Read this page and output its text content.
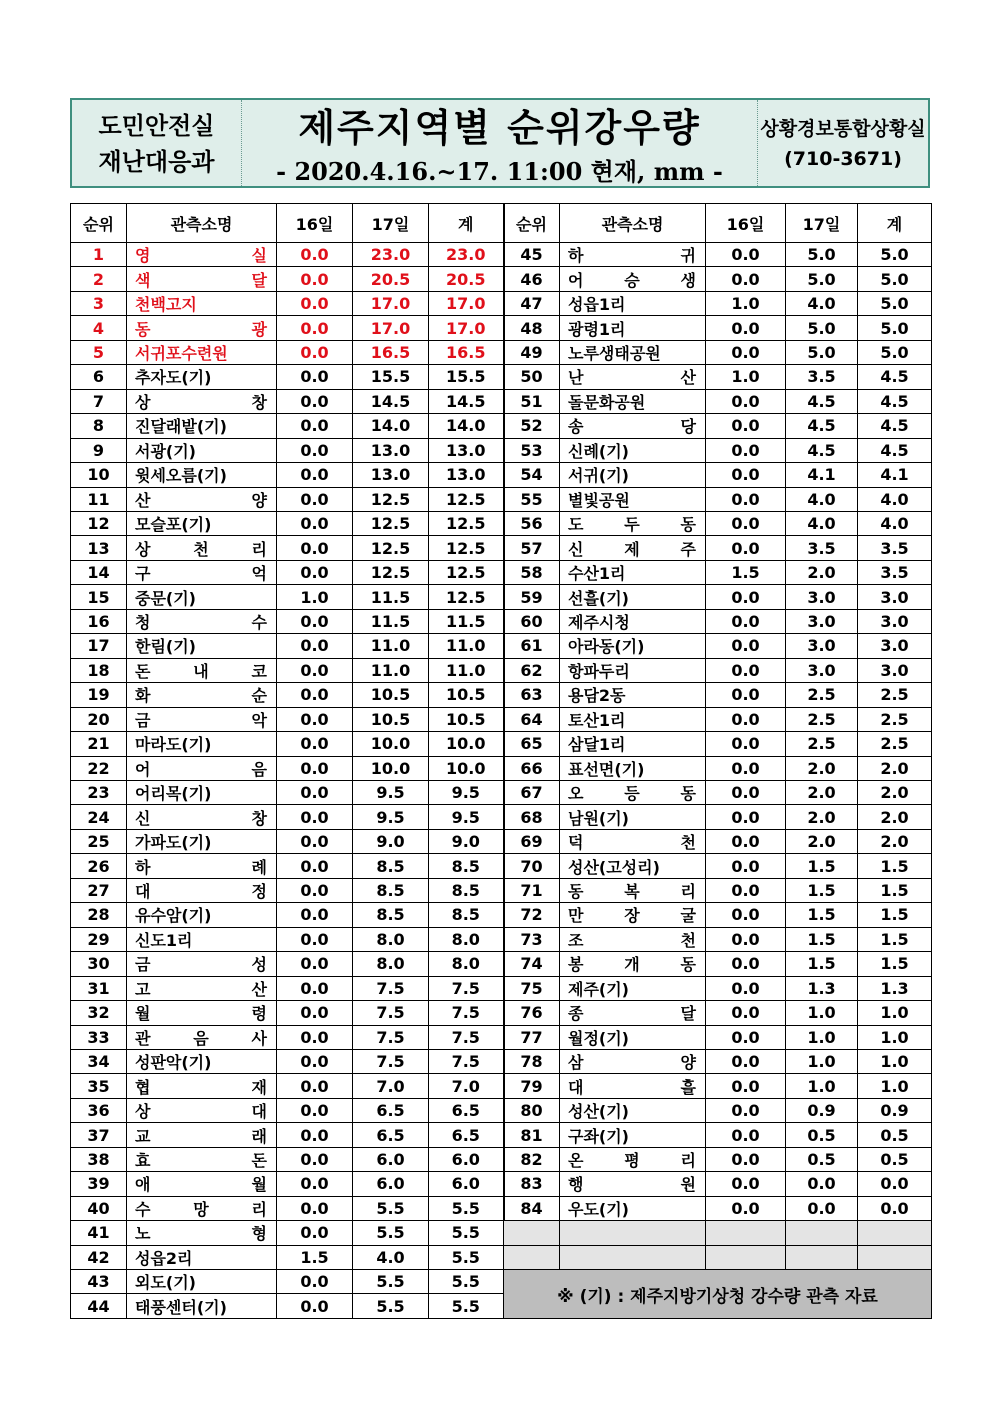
도민안전실
재난대응과
제주지역별 순위강우량
- 2020.4.16.~17. 11:00 현재, mm -
상황경보통합상황실
(710-3671)
순위	관측소명	16일	17일	계
1	영 실	0.0	23.0	23.0
2	색 달	0.0	20.5	20.5
3	천백고지	0.0	17.0	17.0
4	동 광	0.0	17.0	17.0
5	서귀포수련원	0.0	16.5	16.5
6	추자도(기)	0.0	15.5	15.5
7	상 창	0.0	14.5	14.5
8	진달래밭(기)	0.0	14.0	14.0
9	서광(기)	0.0	13.0	13.0
10	윗세오름(기)	0.0	13.0	13.0
11	산 양	0.0	12.5	12.5
12	모슬포(기)	0.0	12.5	12.5
13	상 천 리	0.0	12.5	12.5
14	구 억	0.0	12.5	12.5
15	중문(기)	1.0	11.5	12.5
16	청 수	0.0	11.5	11.5
17	한림(기)	0.0	11.0	11.0
18	돈 내 코	0.0	11.0	11.0
19	화 순	0.0	10.5	10.5
20	금 악	0.0	10.5	10.5
21	마라도(기)	0.0	10.0	10.0
22	어 음	0.0	10.0	10.0
23	어리목(기)	0.0	9.5	9.5
24	신 창	0.0	9.5	9.5
25	가파도(기)	0.0	9.0	9.0
26	하 례	0.0	8.5	8.5
27	대 정	0.0	8.5	8.5
28	유수암(기)	0.0	8.5	8.5
29	신도1리	0.0	8.0	8.0
30	금 성	0.0	8.0	8.0
31	고 산	0.0	7.5	7.5
32	월 령	0.0	7.5	7.5
33	관 음 사	0.0	7.5	7.5
34	성판악(기)	0.0	7.5	7.5
35	협 재	0.0	7.0	7.0
36	상 대	0.0	6.5	6.5
37	교 래	0.0	6.5	6.5
38	효 돈	0.0	6.0	6.0
39	애 월	0.0	6.0	6.0
40	수 망 리	0.0	5.5	5.5
41	노 형	0.0	5.5	5.5
42	성읍2리	1.5	4.0	5.5
43	외도(기)	0.0	5.5	5.5
44	태풍센터(기)	0.0	5.5	5.5
순위	관측소명	16일	17일	계
45	하 귀	0.0	5.0	5.0
46	어 승 생	0.0	5.0	5.0
47	성읍1리	1.0	4.0	5.0
48	광령1리	0.0	5.0	5.0
49	노루생태공원	0.0	5.0	5.0
50	난 산	1.0	3.5	4.5
51	돌문화공원	0.0	4.5	4.5
52	송 당	0.0	4.5	4.5
53	신례(기)	0.0	4.5	4.5
54	서귀(기)	0.0	4.1	4.1
55	별빛공원	0.0	4.0	4.0
56	도 두 동	0.0	4.0	4.0
57	신 제 주	0.0	3.5	3.5
58	수산1리	1.5	2.0	3.5
59	선흘(기)	0.0	3.0	3.0
60	제주시청	0.0	3.0	3.0
61	아라동(기)	0.0	3.0	3.0
62	항파두리	0.0	3.0	3.0
63	용담2동	0.0	2.5	2.5
64	토산1리	0.0	2.5	2.5
65	삼달1리	0.0	2.5	2.5
66	표선면(기)	0.0	2.0	2.0
67	오 등 동	0.0	2.0	2.0
68	남원(기)	0.0	2.0	2.0
69	덕 천	0.0	2.0	2.0
70	성산(고성리)	0.0	1.5	1.5
71	동 복 리	0.0	1.5	1.5
72	만 장 굴	0.0	1.5	1.5
73	조 천	0.0	1.5	1.5
74	봉 개 동	0.0	1.5	1.5
75	제주(기)	0.0	1.3	1.3
76	종 달	0.0	1.0	1.0
77	월정(기)	0.0	1.0	1.0
78	삼 양	0.0	1.0	1.0
79	대 흘	0.0	1.0	1.0
80	성산(기)	0.0	0.9	0.9
81	구좌(기)	0.0	0.5	0.5
82	온 평 리	0.0	0.5	0.5
83	행 원	0.0	0.0	0.0
84	우도(기)	0.0	0.0	0.0

※ (기) : 제주지방기상청 강수량 관측 자료				
